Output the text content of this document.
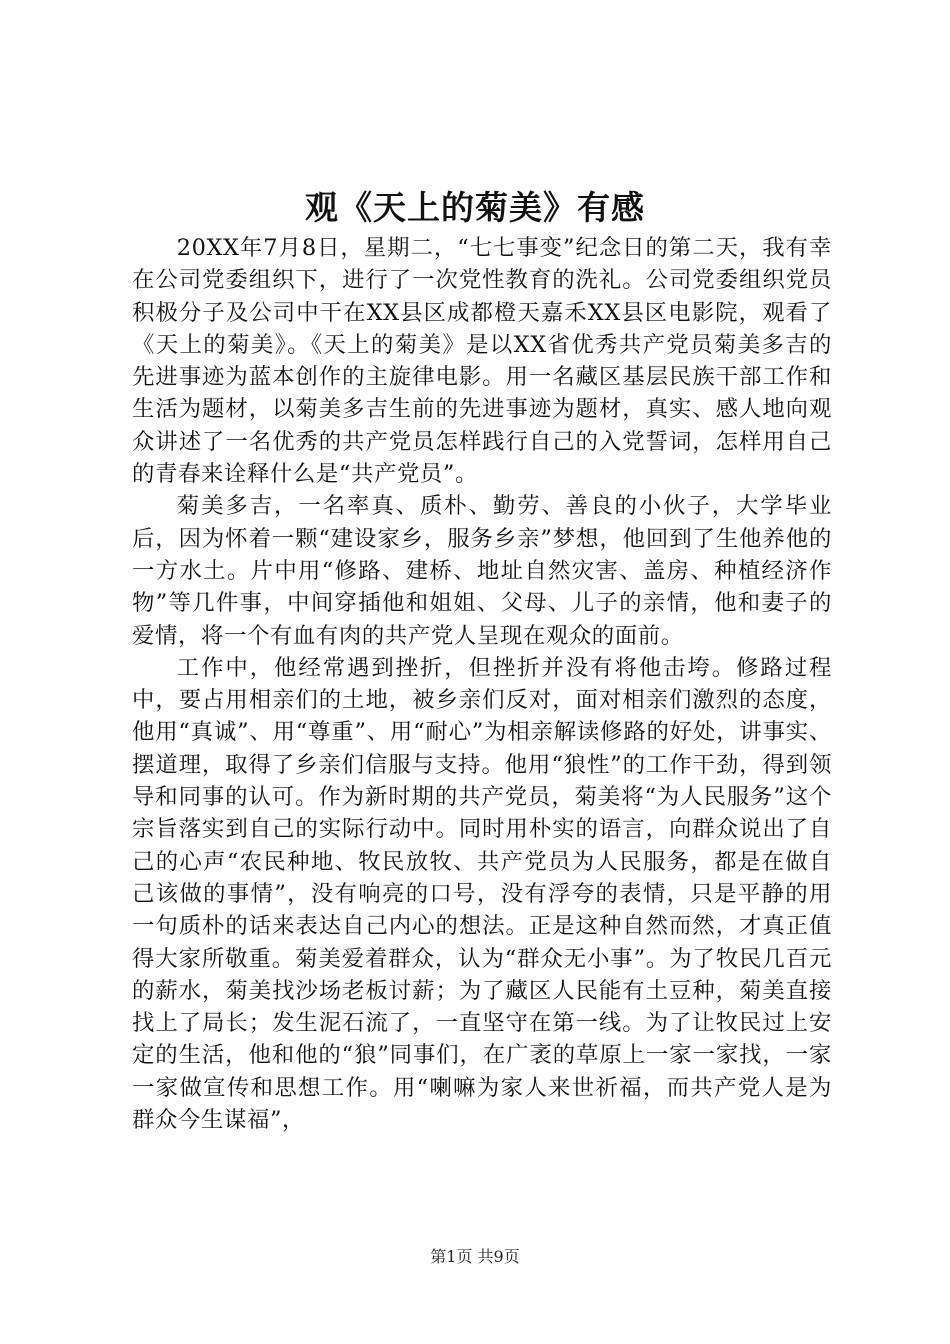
观《天上的菊美》有感

20XX年7月8日，星期二，“七七事变”纪念日的第二天，我有幸在公司党委组织下，进行了一次党性教育的洗礼。公司党委组织党员积极分子及公司中干在XX县区成都橙天嘉禾XX县区电影院，观看了《天上的菊美》。《天上的菊美》是以XX省优秀共产党员菊美多吉的先进事迹为蓝本创作的主旋律电影。用一名藏区基层民族干部工作和生活为题材，以菊美多吉生前的先进事迹为题材，真实、感人地向观众讲述了一名优秀的共产党员怎样践行自己的入党誓词，怎样用自己的青春来诠释什么是“共产党员”。

菊美多吉，一名率真、质朴、勤劳、善良的小伙子，大学毕业后，因为怀着一颗“建设家乡，服务乡亲”梦想，他回到了生他养他的一方水土。片中用“修路、建桥、地址自然灾害、盖房、种植经济作物”等几件事，中间穿插他和姐姐、父母、儿子的亲情，他和妻子的爱情，将一个有血有肉的共产党人呈现在观众的面前。

工作中，他经常遇到挫折，但挫折并没有将他击垮。修路过程中，要占用相亲们的土地，被乡亲们反对，面对相亲们激烈的态度，他用“真诚”、用“尊重”、用“耐心”为相亲解读修路的好处，讲事实、摆道理，取得了乡亲们信服与支持。他用“狼性”的工作干劲，得到领导和同事的认可。作为新时期的共产党员，菊美将“为人民服务”这个宗旨落实到自己的实际行动中。同时用朴实的语言，向群众说出了自己的心声“农民种地、牧民放牧、共产党员为人民服务，都是在做自己该做的事情”，没有响亮的口号，没有浮夸的表情，只是平静的用一句质朴的话来表达自己内心的想法。正是这种自然而然，才真正值得大家所敬重。菊美爱着群众，认为“群众无小事”。为了牧民几百元的薪水，菊美找沙场老板讨薪；为了藏区人民能有土豆种，菊美直接找上了局长；发生泥石流了，一直坚守在第一线。为了让牧民过上安定的生活，他和他的“狼”同事们，在广袤的草原上一家一家找，一家一家做宣传和思想工作。用“喇嘛为家人来世祈福，而共产党人是为群众今生谋福”，

第1页 共9页
